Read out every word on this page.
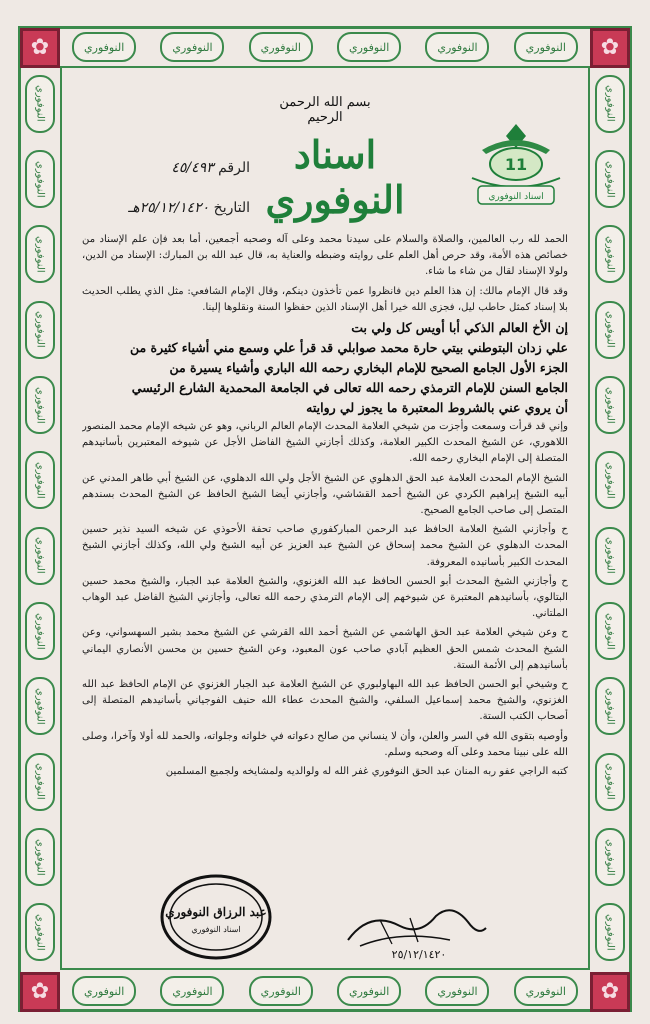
النوفوري	النوفوري	النوفوري	النوفوري	النوفوري	النوفوري
النوفوري	النوفوري	النوفوري	النوفوري	النوفوري	النوفوري
النوفوري
النوفوري
النوفوري
النوفوري
النوفوري
النوفوري
النوفوري
النوفوري
النوفوري
النوفوري
النوفوري
النوفوري
النوفوري
النوفوري
النوفوري
النوفوري
النوفوري
النوفوري
النوفوري
النوفوري
النوفوري
النوفوري
النوفوري
النوفوري
✿	✿
✿	✿
بسم الله الرحمن الرحيم
11
اسناد النوفوري
اسناد النوفوري
الرقم ٤٥/٤٩٣
التاريخ ٢٥/١٢/١٤٢٠هـ

الحمد لله رب العالمين، والصلاة والسلام على سيدنا محمد وعلى آله وصحبه أجمعين، أما بعد فإن علم الإسناد من خصائص هذه الأمة، وقد حرص أهل العلم على روايته وضبطه والعناية به، قال عبد الله بن المبارك: الإسناد من الدين، ولولا الإسناد لقال من شاء ما شاء.

وقد قال الإمام مالك: إن هذا العلم دين فانظروا عمن تأخذون دينكم، وقال الإمام الشافعي: مثل الذي يطلب الحديث بلا إسناد كمثل حاطب ليل، فجزى الله خيرا أهل الإسناد الذين حفظوا السنة ونقلوها إلينا.

إن الأخ العالم الذكي أبا أويس كل ولي بت

علي زدان البتوطني بيتي حارة محمد صوابلي قد قرأ علي وسمع مني أشياء كثيرة من

الجزء الأول الجامع الصحيح للإمام البخاري رحمه الله الباري وأشياء يسيرة من

الجامع السنن للإمام الترمذي رحمه الله تعالى في الجامعة المحمدية الشارع الرئيسي

أن يروي عني بالشروط المعتبرة ما يجوز لي روايته

وإني قد قرأت وسمعت وأجزت من شيخي العلامة المحدث الإمام العالم الرباني، وهو عن شيخه الإمام محمد المنصور اللاهوري، عن الشيخ المحدث الكبير العلامة، وكذلك أجازني الشيخ الفاضل الأجل عن شيوخه المعتبرين بأسانيدهم المتصلة إلى الإمام البخاري رحمه الله.

الشيخ الإمام المحدث العلامة عبد الحق الدهلوي عن الشيخ الأجل ولي الله الدهلوي، عن الشيخ أبي طاهر المدني عن أبيه الشيخ إبراهيم الكردي عن الشيخ أحمد القشاشي، وأجازني أيضا الشيخ الحافظ عن الشيخ المحدث بسندهم المتصل إلى صاحب الجامع الصحيح.

ح وأجازني الشيخ العلامة الحافظ عبد الرحمن المباركفوري صاحب تحفة الأحوذي عن شيخه السيد نذير حسين المحدث الدهلوي عن الشيخ محمد إسحاق عن الشيخ عبد العزيز عن أبيه الشيخ ولي الله، وكذلك أجازني الشيخ المحدث الكبير بأسانيده المعروفة.

ح وأجازني الشيخ المحدث أبو الحسن الحافظ عبد الله الغزنوي، والشيخ العلامة عبد الجبار، والشيخ محمد حسين البتالوي، بأسانيدهم المعتبرة عن شيوخهم إلى الإمام الترمذي رحمه الله تعالى، وأجازني الشيخ الفاضل عبد الوهاب الملتاني.

ح وعن شيخي العلامة عبد الحق الهاشمي عن الشيخ أحمد الله القرشي عن الشيخ محمد بشير السهسواني، وعن الشيخ المحدث شمس الحق العظيم آبادي صاحب عون المعبود، وعن الشيخ حسين بن محسن الأنصاري اليماني بأسانيدهم إلى الأئمة الستة.

ح وشيخي أبو الحسن الحافظ عبد الله البهاولبوري عن الشيخ العلامة عبد الجبار الغزنوي عن الإمام الحافظ عبد الله الغزنوي، والشيخ محمد إسماعيل السلفي، والشيخ المحدث عطاء الله حنيف الفوجياني بأسانيدهم المتصلة إلى أصحاب الكتب الستة.

وأوصيه بتقوى الله في السر والعلن، وأن لا ينساني من صالح دعواته في خلواته وجلواته، والحمد لله أولا وآخرا، وصلى الله على نبينا محمد وعلى آله وصحبه وسلم.

كتبه الراجي عفو ربه المنان عبد الحق النوفوري غفر الله له ولوالديه ولمشايخه ولجميع المسلمين

عبد الرزاق النوفوري
اسناد النوفوري
٢٥/١٢/١٤٢٠
